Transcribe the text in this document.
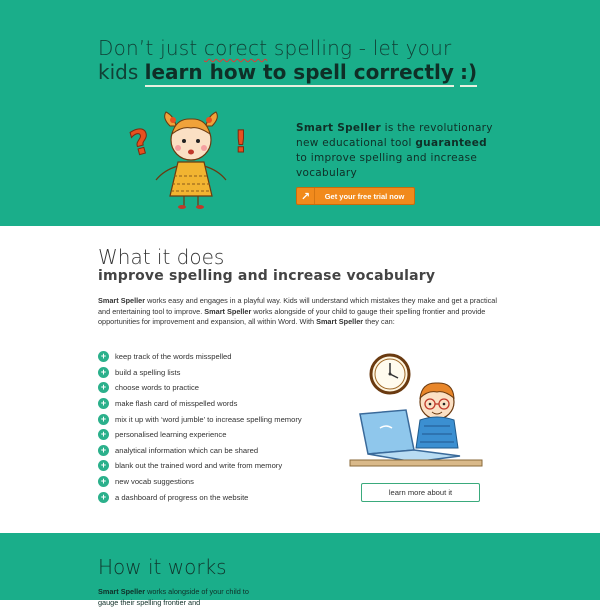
Don’t just corect spelling - let your
kids learn how to spell correctly :)
?	!	Smart Speller is the revolutionary new educational tool guaranteed to improve spelling and increase vocabulary

↗	Get your free trial now
What it does
improve spelling and increase vocabulary

Smart Speller works easy and engages in a playful way. Kids will understand which mistakes they make and get a practical and entertaining tool to improve. Smart Speller works alongside of your child to gauge their spelling frontier and provide opportunities for improvement and expansion, all within Word. With Smart Speller they can:

+	keep track of the words misspelled
+	build a spelling lists
+	choose words to practice
+	make flash card of misspelled words
+	mix it up with ‘word jumble’ to increase spelling memory
+	personalised learning experience
+	analytical information which can be shared
+	blank out the trained word and write from memory
+	new vocab suggestions
+	a dashboard of progress on the website
learn more about it
How it works

Smart Speller works alongside of your child to gauge their spelling frontier and
